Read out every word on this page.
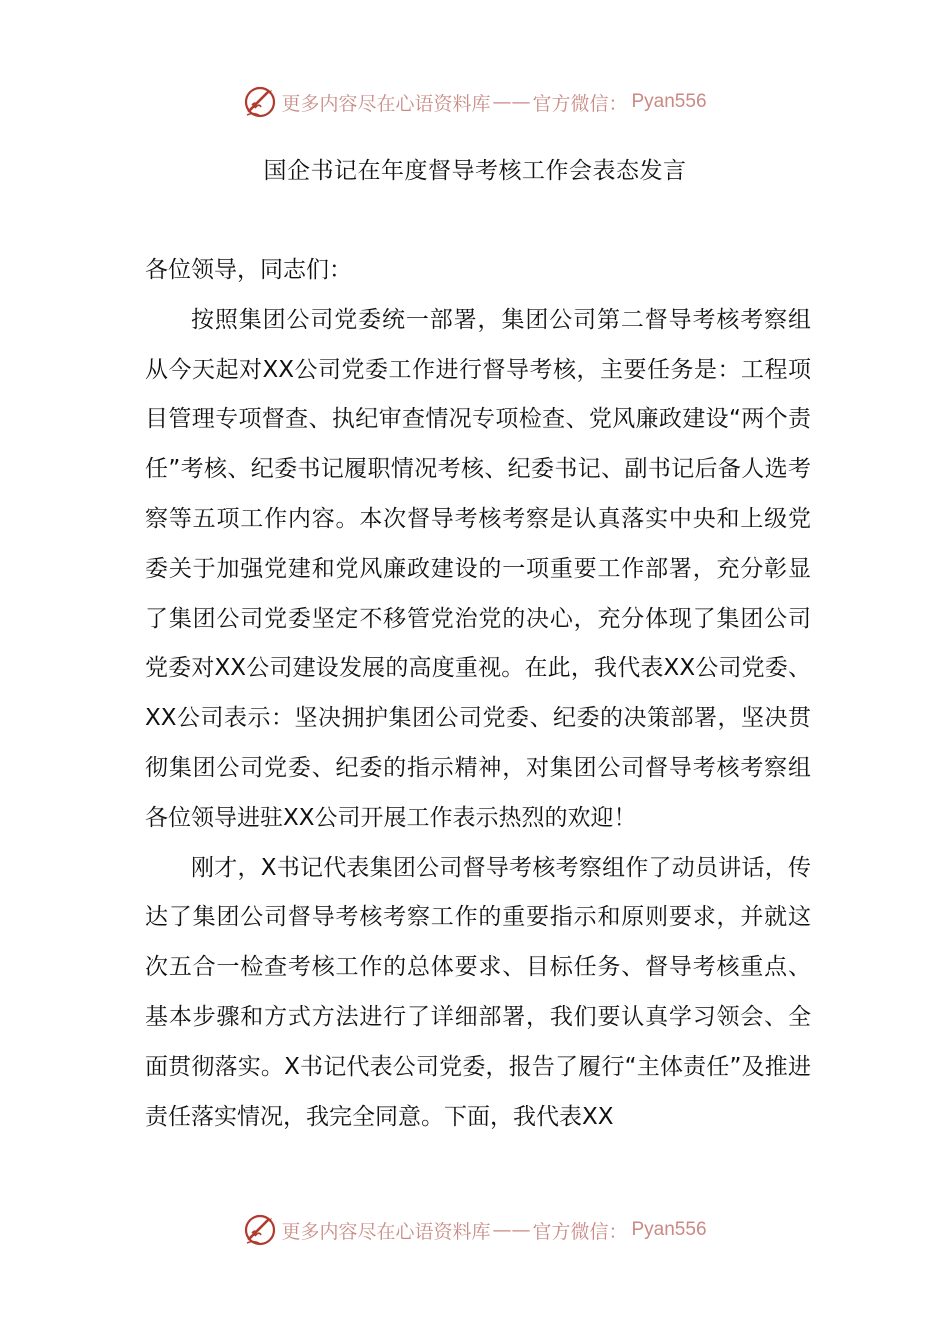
更多内容尽在心语资料库 —— 官方微信： Pyan556
国企书记在年度督导考核工作会表态发言

各位领导，同志们：

按照集团公司党委统一部署，集团公司第二督导考核考察组从今天起对XX公司党委工作进行督导考核，主要任务是：工程项目管理专项督查、执纪审查情况专项检查、党风廉政建设“两个责任”考核、纪委书记履职情况考核、纪委书记、副书记后备人选考察等五项工作内容。本次督导考核考察是认真落实中央和上级党委关于加强党建和党风廉政建设的一项重要工作部署，充分彰显了集团公司党委坚定不移管党治党的决心，充分体现了集团公司党委对XX公司建设发展的高度重视。在此，我代表XX公司党委、XX公司表示：坚决拥护集团公司党委、纪委的决策部署，坚决贯彻集团公司党委、纪委的指示精神，对集团公司督导考核考察组各位领导进驻XX公司开展工作表示热烈的欢迎！

刚才，X书记代表集团公司督导考核考察组作了动员讲话，传达了集团公司督导考核考察工作的重要指示和原则要求，并就这次五合一检查考核工作的总体要求、目标任务、督导考核重点、基本步骤和方式方法进行了详细部署，我们要认真学习领会、全面贯彻落实。X书记代表公司党委，报告了履行“主体责任”及推进责任落实情况，我完全同意。下面，我代表XX

更多内容尽在心语资料库 —— 官方微信： Pyan556
